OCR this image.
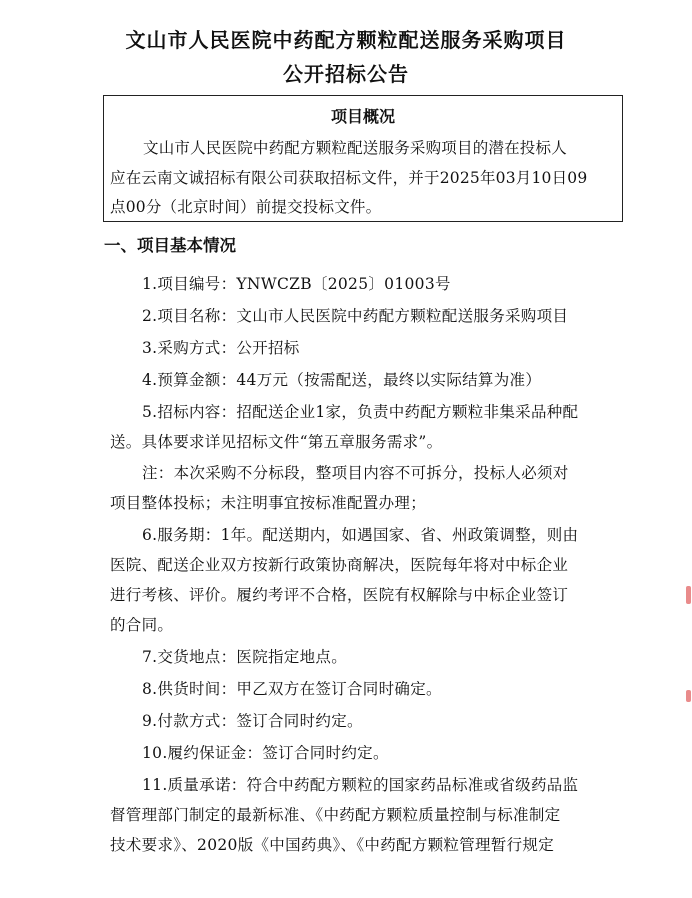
文山市人民医院中药配方颗粒配送服务采购项目
公开招标公告
项目概况
文山市人民医院中药配方颗粒配送服务采购项目的潜在投标人
应在云南文诚招标有限公司获取招标文件，并于2025年03月10日09
点00分（北京时间）前提交投标文件。
一、项目基本情况
1.项目编号：YNWCZB〔2025〕01003号
2.项目名称：文山市人民医院中药配方颗粒配送服务采购项目
3.采购方式：公开招标
4.预算金额：44万元（按需配送，最终以实际结算为准）
5.招标内容：招配送企业1家，负责中药配方颗粒非集采品种配
送。具体要求详见招标文件“第五章服务需求”。
注：本次采购不分标段，整项目内容不可拆分，投标人必须对
项目整体投标；未注明事宜按标准配置办理；
6.服务期：1年。配送期内，如遇国家、省、州政策调整，则由
医院、配送企业双方按新行政策协商解决，医院每年将对中标企业
进行考核、评价。履约考评不合格，医院有权解除与中标企业签订
的合同。
7.交货地点：医院指定地点。
8.供货时间：甲乙双方在签订合同时确定。
9.付款方式：签订合同时约定。
10.履约保证金：签订合同时约定。
11.质量承诺：符合中药配方颗粒的国家药品标准或省级药品监
督管理部门制定的最新标准、《中药配方颗粒质量控制与标准制定
技术要求》、2020版《中国药典》、《中药配方颗粒管理暂行规定
